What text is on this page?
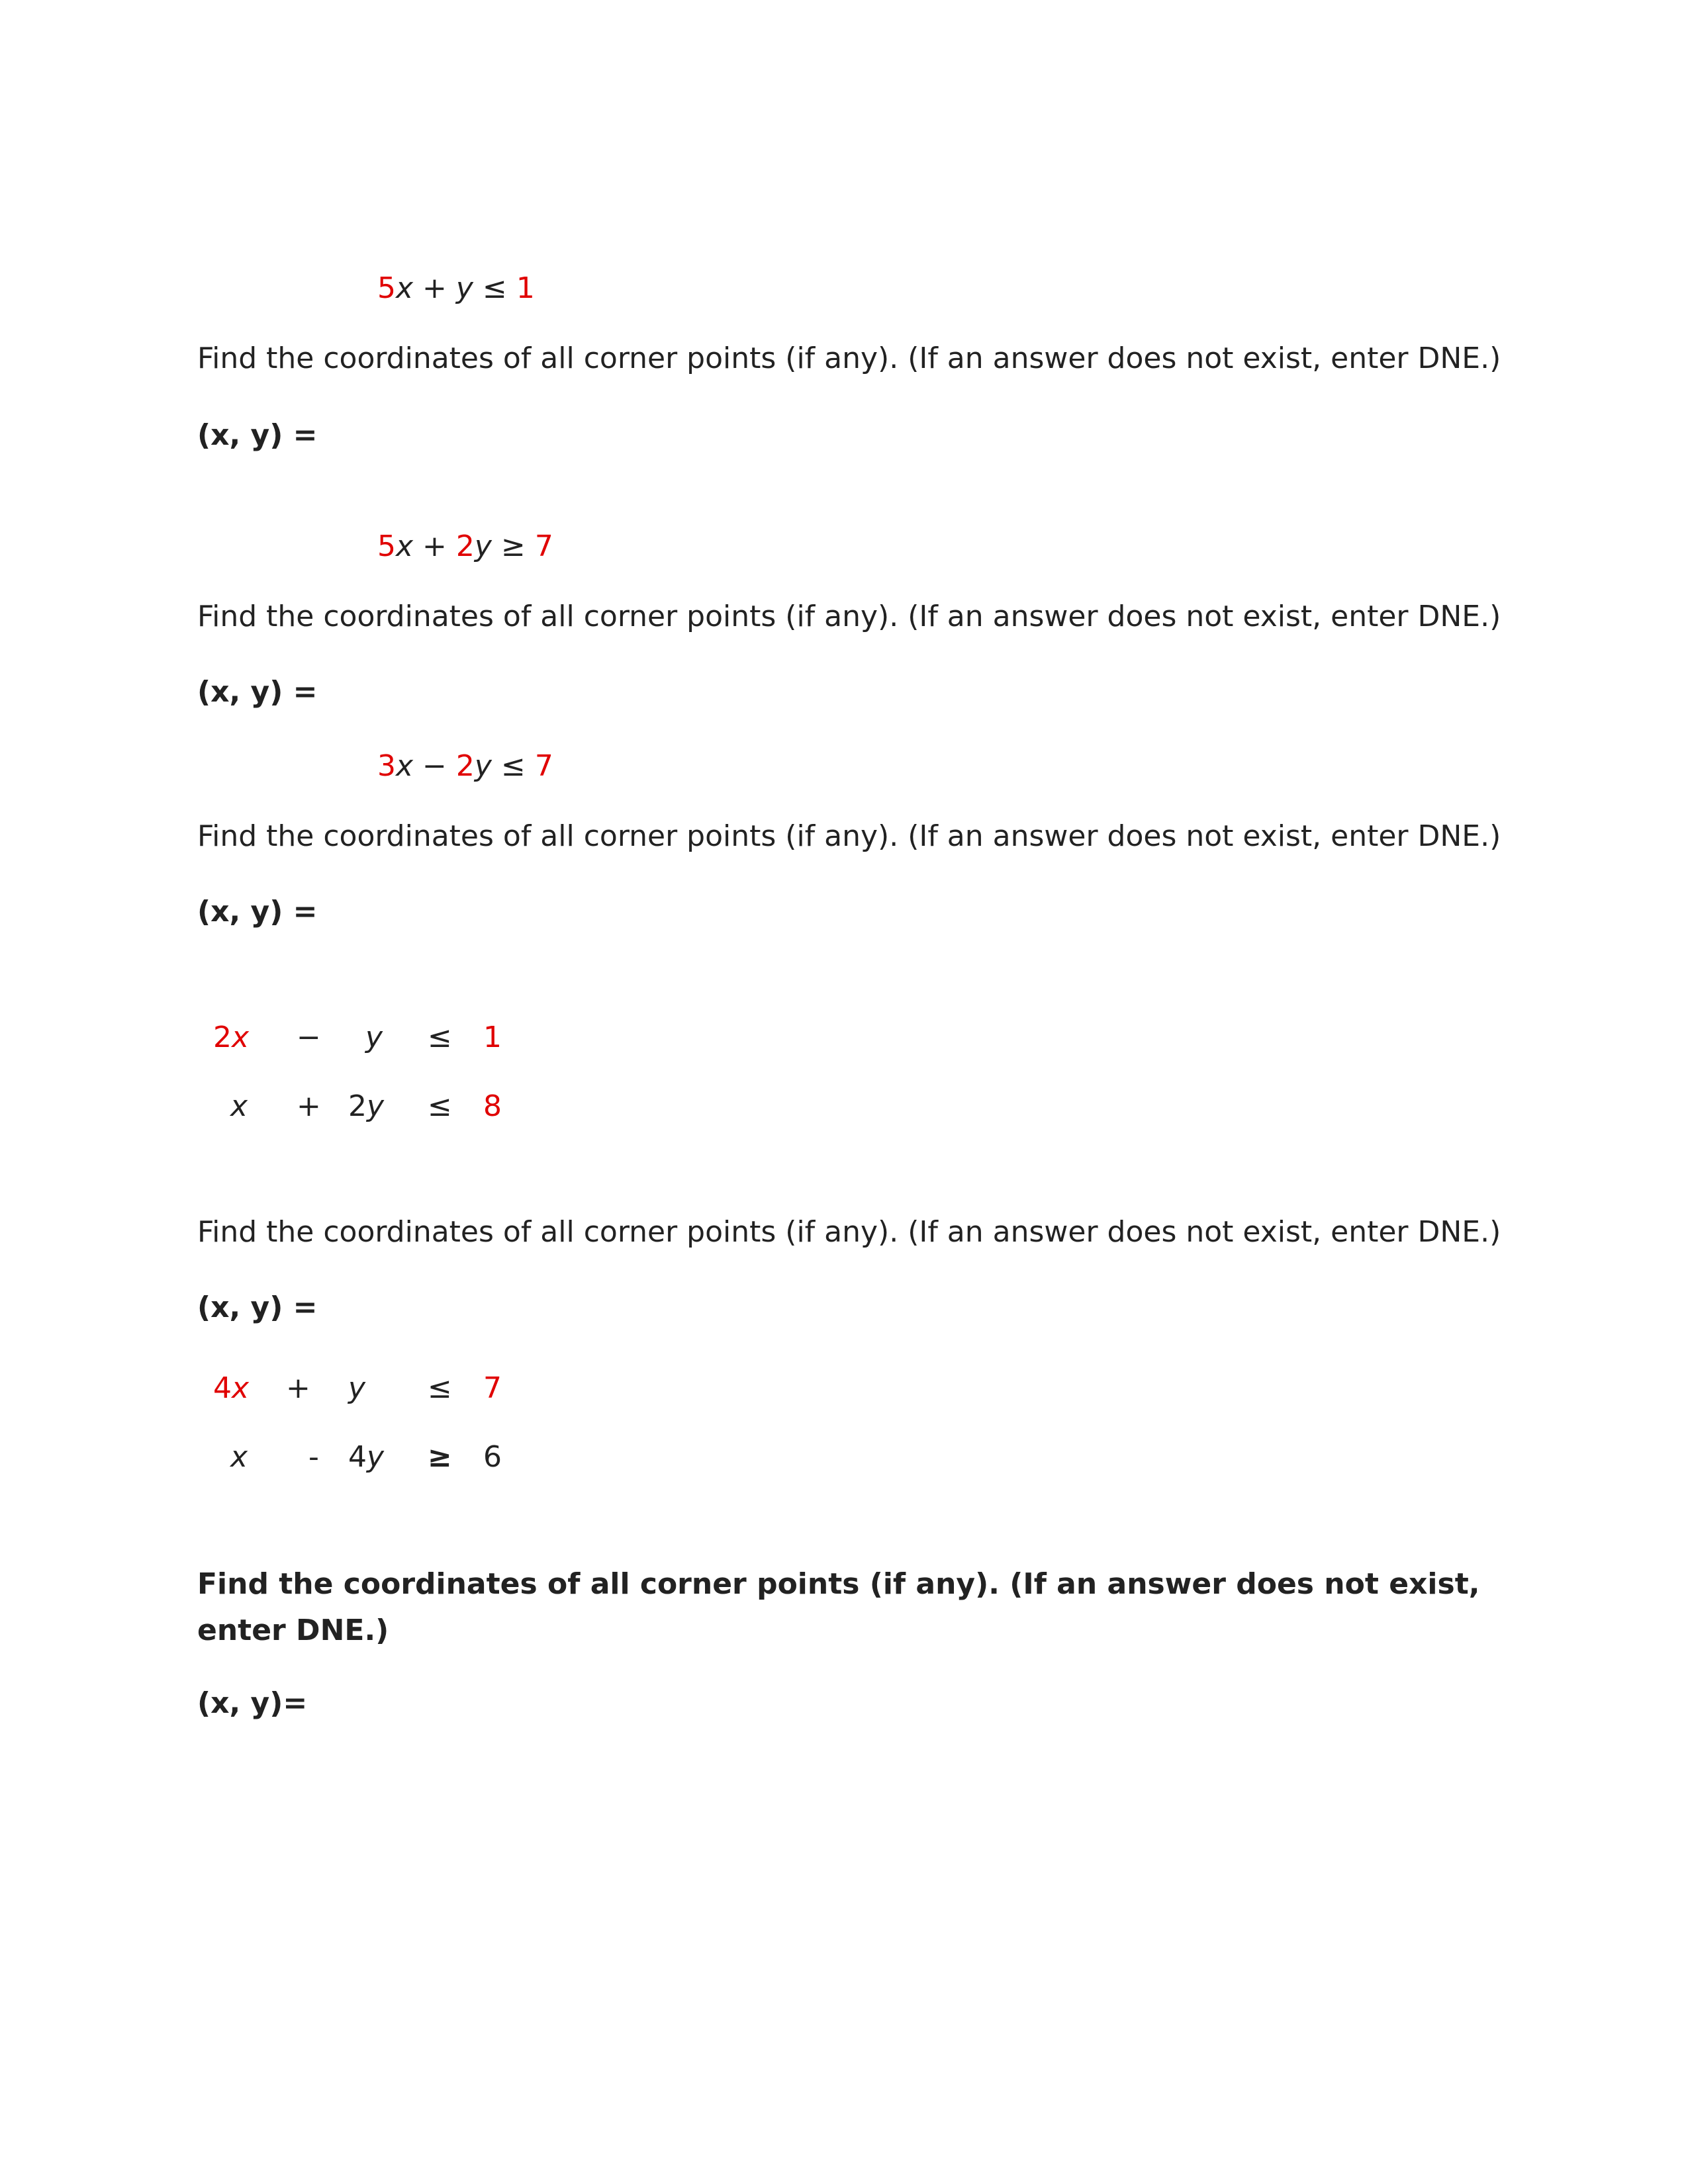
5x + y ≤ 1
Find the coordinates of all corner points (if any). (If an answer does not exist, enter DNE.)
(x, y) =
5x + 2y ≥ 7
Find the coordinates of all corner points (if any). (If an answer does not exist, enter DNE.)
(x, y) =
3x − 2y ≤ 7
Find the coordinates of all corner points (if any). (If an answer does not exist, enter DNE.)
(x, y) =
2 x − y ≤ 1
x + 2 y ≤ 8
Find the coordinates of all corner points (if any). (If an answer does not exist, enter DNE.)
(x, y) =
4 x + y ≤ 7
x - 4 y ≥ 6
Find the coordinates of all corner points (if any). (If an answer does not exist,
enter DNE.)
(x, y)=
